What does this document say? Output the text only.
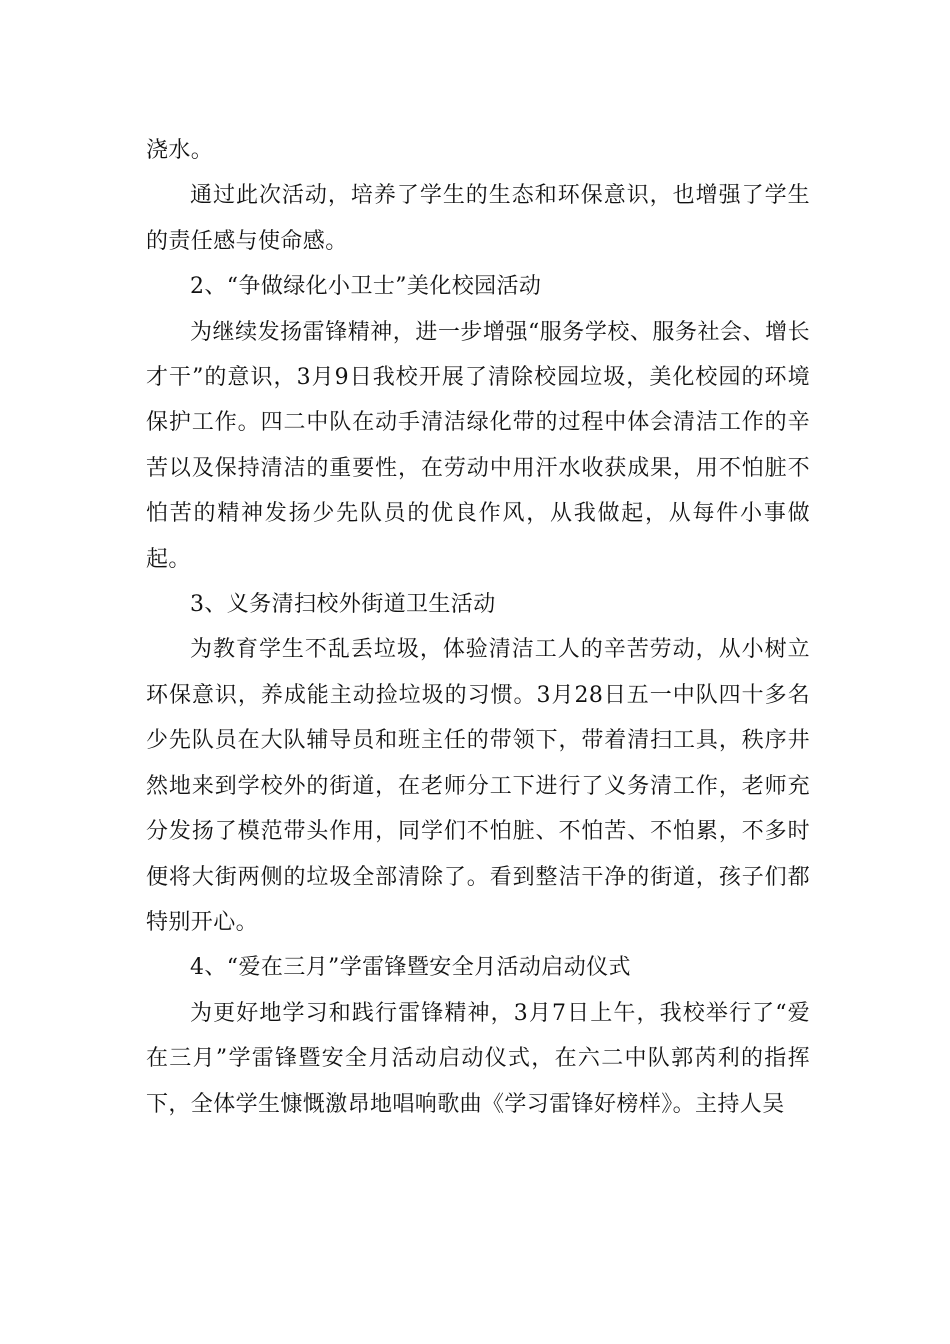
浇水。

通过此次活动，培养了学生的生态和环保意识，也增强了学生的责任感与使命感。

2、“争做绿化小卫士”美化校园活动

为继续发扬雷锋精神，进一步增强“服务学校、服务社会、增长才干”的意识，3月9日我校开展了清除校园垃圾，美化校园的环境保护工作。四二中队在动手清洁绿化带的过程中体会清洁工作的辛苦以及保持清洁的重要性，在劳动中用汗水收获成果，用不怕脏不怕苦的精神发扬少先队员的优良作风，从我做起，从每件小事做起。

3、义务清扫校外街道卫生活动

为教育学生不乱丢垃圾，体验清洁工人的辛苦劳动，从小树立环保意识，养成能主动捡垃圾的习惯。3月28日五一中队四十多名少先队员在大队辅导员和班主任的带领下，带着清扫工具，秩序井然地来到学校外的街道，在老师分工下进行了义务清工作，老师充分发扬了模范带头作用，同学们不怕脏、不怕苦、不怕累，不多时便将大街两侧的垃圾全部清除了。看到整洁干净的街道，孩子们都特别开心。

4、“爱在三月”学雷锋暨安全月活动启动仪式

为更好地学习和践行雷锋精神，3月7日上午，我校举行了“爱在三月”学雷锋暨安全月活动启动仪式，在六二中队郭芮利的指挥下，全体学生慷慨激昂地唱响歌曲《学习雷锋好榜样》。主持人吴
